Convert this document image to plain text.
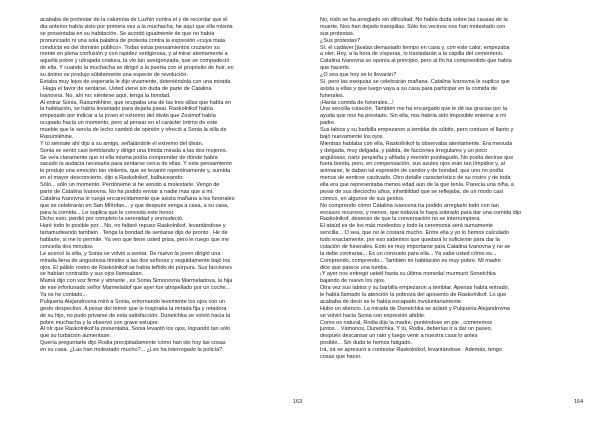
acababa de protestar de la calumnia de Luzhin contra el y de recordar que el
dia anterior había visto por primera vez a la muchacha, he aquí que ella misma
se presentaba en su habitación. Se acordó igualmente de que no había
pronunciado ni una sola palabra de protesta contra la expresión «cuya mala
conducta es del dominio público». Todas estas pensamientos cruzaron su
mente en plena confusión y con rapidez vertiginosa, y al mirar atentamente a
aquella pobre y ultrajada criatura, la vio tan avergonzada, que se compadeció
de ella. Y cuando la muchacha se dirigió a la puerta con el propósito de huir, en
su ánimo se produjo súbitamente una especie de revolución.
Estaba muy lejos de esperarla le dijo vivamente, deteniéndola con una mirada
. Haga el favor de sentarse. Usted viene sin duda de parte de Catalina
Ivanovna. No, ahí no; siéntese aquí, tenga la bondad.
Al entrar Sonia, Rasumikhine, que ocupaba una de las tres sillas que había en
la habitación, se había levantado para dejarla pasar. Raskolnikof había
empezado por indicar a la joven el extremo del diván que Zosimof había
ocupado hacía un momento, pero al pensar en el carácter íntimo de este
mueble que le servía de lecho cambió de opinión y ofreció a Sonia la silla de
Rasumikhine.
Y tú siéntate ahí dijo a su amigo, señalándole el extremo del diván.
Sonia se sentó casi temblando y dirigió una tímida mirada a las dos mujeres.
Se veía claramente que ni ella misma podía comprender de dónde había
sacado la audacia necesaria para sentarse cerca de ellas. Y este pensamiento
le produjo una emoción tan violenta, que se levantó repentinamente y, sumida
en el mayor desconcierto, dijo a Raskolnikof, balbuceando:
Sólo... sólo un momento. Perdóneme si he venido a molestarle. Vengo de
parte de Catalina Ivanovna. No ha podido enviar a nadie más que a mí.
Catalina Ivanovna le ruega encarecidamente que asista mañana a los funerales
que se celebrarán en San Mitrofan... y que después venga a casa, a su casa,
para la comida... Le suplica que le conceda este honor.
Dicho esto, perdió por completo la serenidad y enmudeció.
Haré todo lo posible por... No, no faltaré repuso Raskolnikof, levantándose y
tartamudeando también . Tenga la bondad de sentarse dijo de pronto . He de
hablarle, si me lo permite. Ya veo que tiene usted prisa, pero le ruego que me
conceda dos minutos.
Le acercó la silla, y Sonia se volvió a sentar. De nuevo la joven dirigió una
mirada llena de angustiosa timidez a las dos señoras y seguidamente bajó los
ojos. El pálido rostro de Raskolnikof se había teñido de púrpura. Sus facciones
se habían contraído y sus ojos llameaban.
Mamá dijo con voz firme y vibrante , es Sonia Simonovna Marmeladova, la hija
de ese infortunado señor Marmeladof que ayer fue atropellado por un coche...
Ya os he contado...
Pulqueria Alejandrovna miró a Sonia, entornando levemente los ojos con un
gesto despectivo. A pesar del temor que le inspiraba la mirada fija y retadora
de su hijo, no pudo privarse de esta satisfacción. Dunetchka se volvió hacia la
pobre muchacha y la observó con grave estupor.
Al oír que Raskolnikof la presentaba, Sonia levantó los ojos, lograndó tan sólo
que su turbación aumentase.
Quería preguntarte dijo Rodia precipitadamente cómo han ido hoy las cosas
en su casa. ¿Las han molestado mucho?... ¿Les ha interrogado la policía?
163
No, todo se ha arreglado sin dificultad. No había duda sobre las causas de la
muerte. Nos han dejado tranquilas. Sólo los vecinos nos han molestado con
sus protestas.
¿Sus protestas?
Sí, el cadáver [ávalas demasiado tiempo en casa y, con este calor, empezaba
a oler. Hoy, a la hora de vísperas, lo trasladarán a la capilla del cementerio.
Catalina Ivanovna se oponía al principio, pero al fin ha comprendido que había
que hacerlo.
¿O sea que hoy se lo llevarán?
Sí, pero las exequias se celebrarán mañana. Catalina Ivanovna le suplica que
asista a ellas y que luego vaya a su casa para participar en la comida de
funerales.
¡Harás comida de funerales...!
Una sencilla colación. También me ha encargado que le dé las gracias por la
ayuda que nos ha prestado. Sin ella, nos habría sido imposible enterrar a mi
padre.
Sus labios y su barbilla empezaron a temblar de súbito, pero contuvo el llanto y
bajó nuevamente los ojos.
Mientras hablaba con ella, Raskolnikof la observaba atentamente. Era menuda
y delgada, muy delgada, y pálida, de facciones irregulares y un poco
angulosas, nariz pequeña y afilada y mentón puntiagudo. No podía decirse que
fuera bonita, pero, en compensación, sus azules ojos eran tan límpidos y, al
animarse, le daban tal expresión de candor y de bondad, que uno no podía
menos de sentirse cautivado. Otro detalle característico de su rostro y de toda
ella era que representaba menos edad aún de la que tenía. Parecía una niña, a
pesar de sus dieciocho años, infantilidad que se reflejaba, de un modo casi
cómico, en algunos de sus gestos.
No comprendo cómo Catalina Ivanovna ha podido arreglarlo todo con tan
escasos recursos, y menos, que todavía le haya sobrado para dar una comida dijo
Raskolnikof, deseoso de que la conversación no se interrumpiera.
El ataúd es de los más modestos y todo la ceremonia será sumamente
sencilla... O sea, que no le costará mucho. Entre ella y yo lo hemos calculado
todo exactamente, por eso sabemos que quedará lo suficiente para dar la
colación de funerales. Esto es muy importante para Catalina Ivanovna y no se
la debe contrariar... Es un consuelo para ella... Ya sabe usted cómo es...
Comprendo, comprendo... También mi habitación es muy pobre. Mi madre
dice que parece una tumba.
¡Y ayer nos entregó usted hasta su última moneda! murmuró Sonetchka
bajando de nuevo los ojos.
Otra vez sus labios y su barbilla empezaron a temblar. Apenas había entrado,
le había llamado la atención la pobreza del aposento de Raskolnikof. Lo que
acababa de decir se le había escapado involuntariamente.
Hubo un silencio. La mirada de Dunetchka se aclaró y Pulqueria Alejandrovna
se volvió hacia Sonia con expresión afable.
Como es natural, Rodia dijo la madre, poniéndose en pie , comeremos
juntos... Vámonos, Dunetchka. Y tú, Rodia, deberías ir a dar un paseo,
después descansar un rato y luego venir a nuestra casa lo antes
posible... Sin duda te hemos fatigado.
Irá, irá se apresuró a contestar Raskolnikof, levantándose . Además, tengo
cosas que hacer.
164
